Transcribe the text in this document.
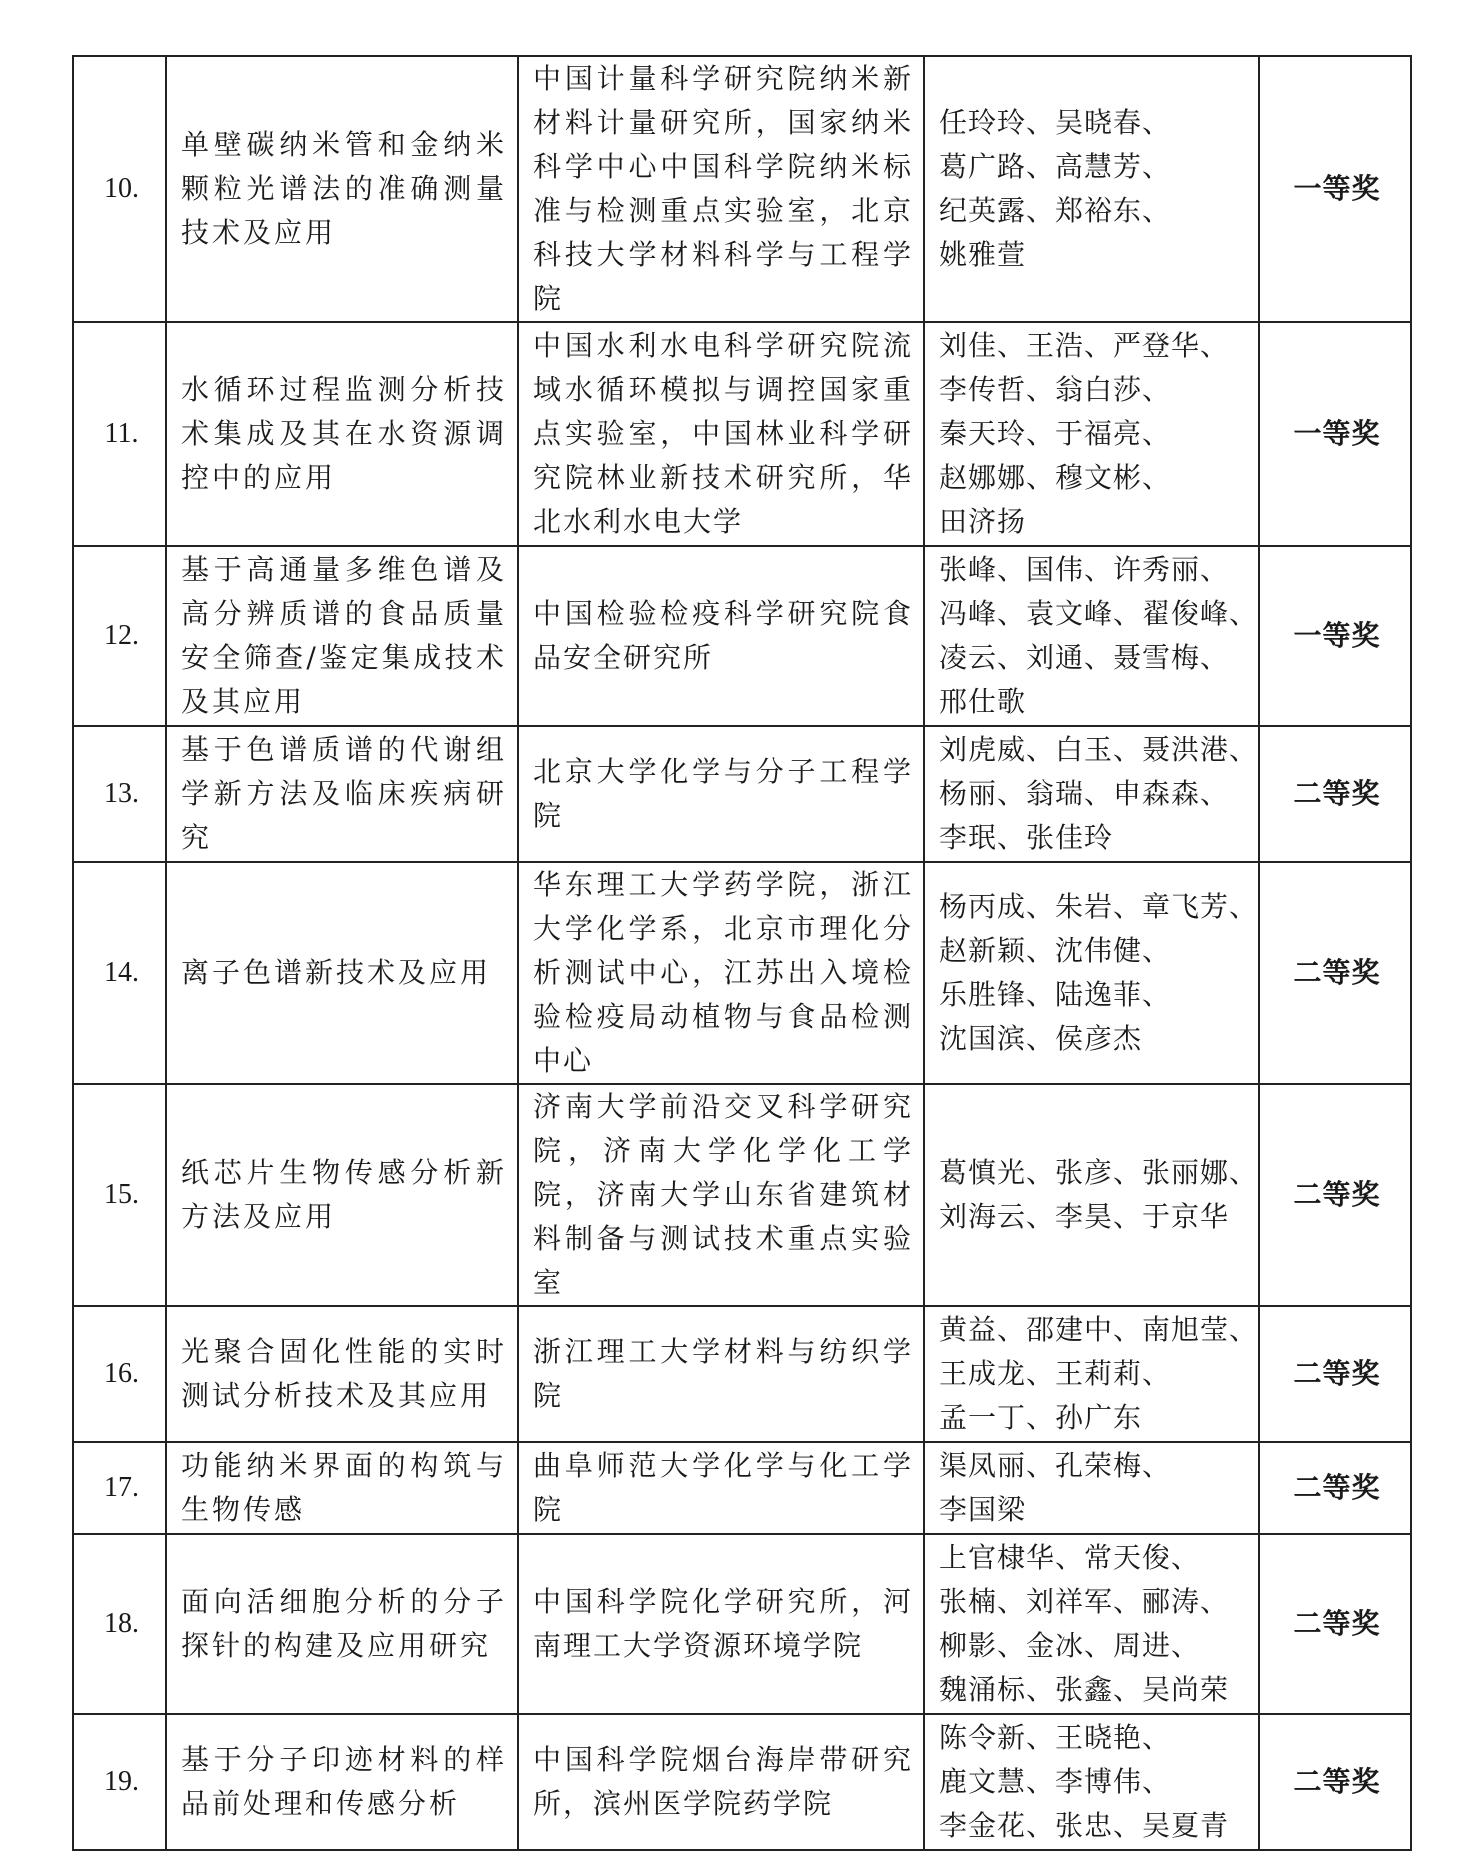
10.	单壁碳纳米管和金纳米颗粒光谱法的准确测量技术及应用	中国计量科学研究院纳米新材料计量研究所，国家纳米科学中心中国科学院纳米标准与检测重点实验室，北京科技大学材料科学与工程学院	任玲玲、吴晓春、
葛广路、高慧芳、
纪英露、郑裕东、
姚雅萱	一等奖
11.	水循环过程监测分析技术集成及其在水资源调控中的应用	中国水利水电科学研究院流域水循环模拟与调控国家重点实验室，中国林业科学研究院林业新技术研究所，华北水利水电大学	刘佳、王浩、严登华、
李传哲、翁白莎、
秦天玲、于福亮、
赵娜娜、穆文彬、
田济扬	一等奖
12.	基于高通量多维色谱及高分辨质谱的食品质量安全筛查/鉴定集成技术及其应用	中国检验检疫科学研究院食品安全研究所	张峰、国伟、许秀丽、
冯峰、袁文峰、翟俊峰、
凌云、刘通、聂雪梅、
邢仕歌	一等奖
13.	基于色谱质谱的代谢组学新方法及临床疾病研究	北京大学化学与分子工程学院	刘虎威、白玉、聂洪港、
杨丽、翁瑞、申森森、
李珉、张佳玲	二等奖
14.	离子色谱新技术及应用	华东理工大学药学院，浙江大学化学系，北京市理化分析测试中心，江苏出入境检验检疫局动植物与食品检测中心	杨丙成、朱岩、章飞芳、
赵新颖、沈伟健、
乐胜锋、陆逸菲、
沈国滨、侯彦杰	二等奖
15.	纸芯片生物传感分析新方法及应用	济南大学前沿交叉科学研究院，济南大学化学化工学院，济南大学山东省建筑材料制备与测试技术重点实验室	葛慎光、张彦、张丽娜、
刘海云、李昊、于京华	二等奖
16.	光聚合固化性能的实时测试分析技术及其应用	浙江理工大学材料与纺织学院	黄益、邵建中、南旭莹、
王成龙、王莉莉、
孟一丁、孙广东	二等奖
17.	功能纳米界面的构筑与生物传感	曲阜师范大学化学与化工学院	渠凤丽、孔荣梅、
李国梁	二等奖
18.	面向活细胞分析的分子探针的构建及应用研究	中国科学院化学研究所，河南理工大学资源环境学院	上官棣华、常天俊、
张楠、刘祥军、郦涛、
柳影、金冰、周进、
魏涌标、张鑫、吴尚荣	二等奖
19.	基于分子印迹材料的样品前处理和传感分析	中国科学院烟台海岸带研究所，滨州医学院药学院	陈令新、王晓艳、
鹿文慧、李博伟、
李金花、张忠、吴夏青	二等奖
